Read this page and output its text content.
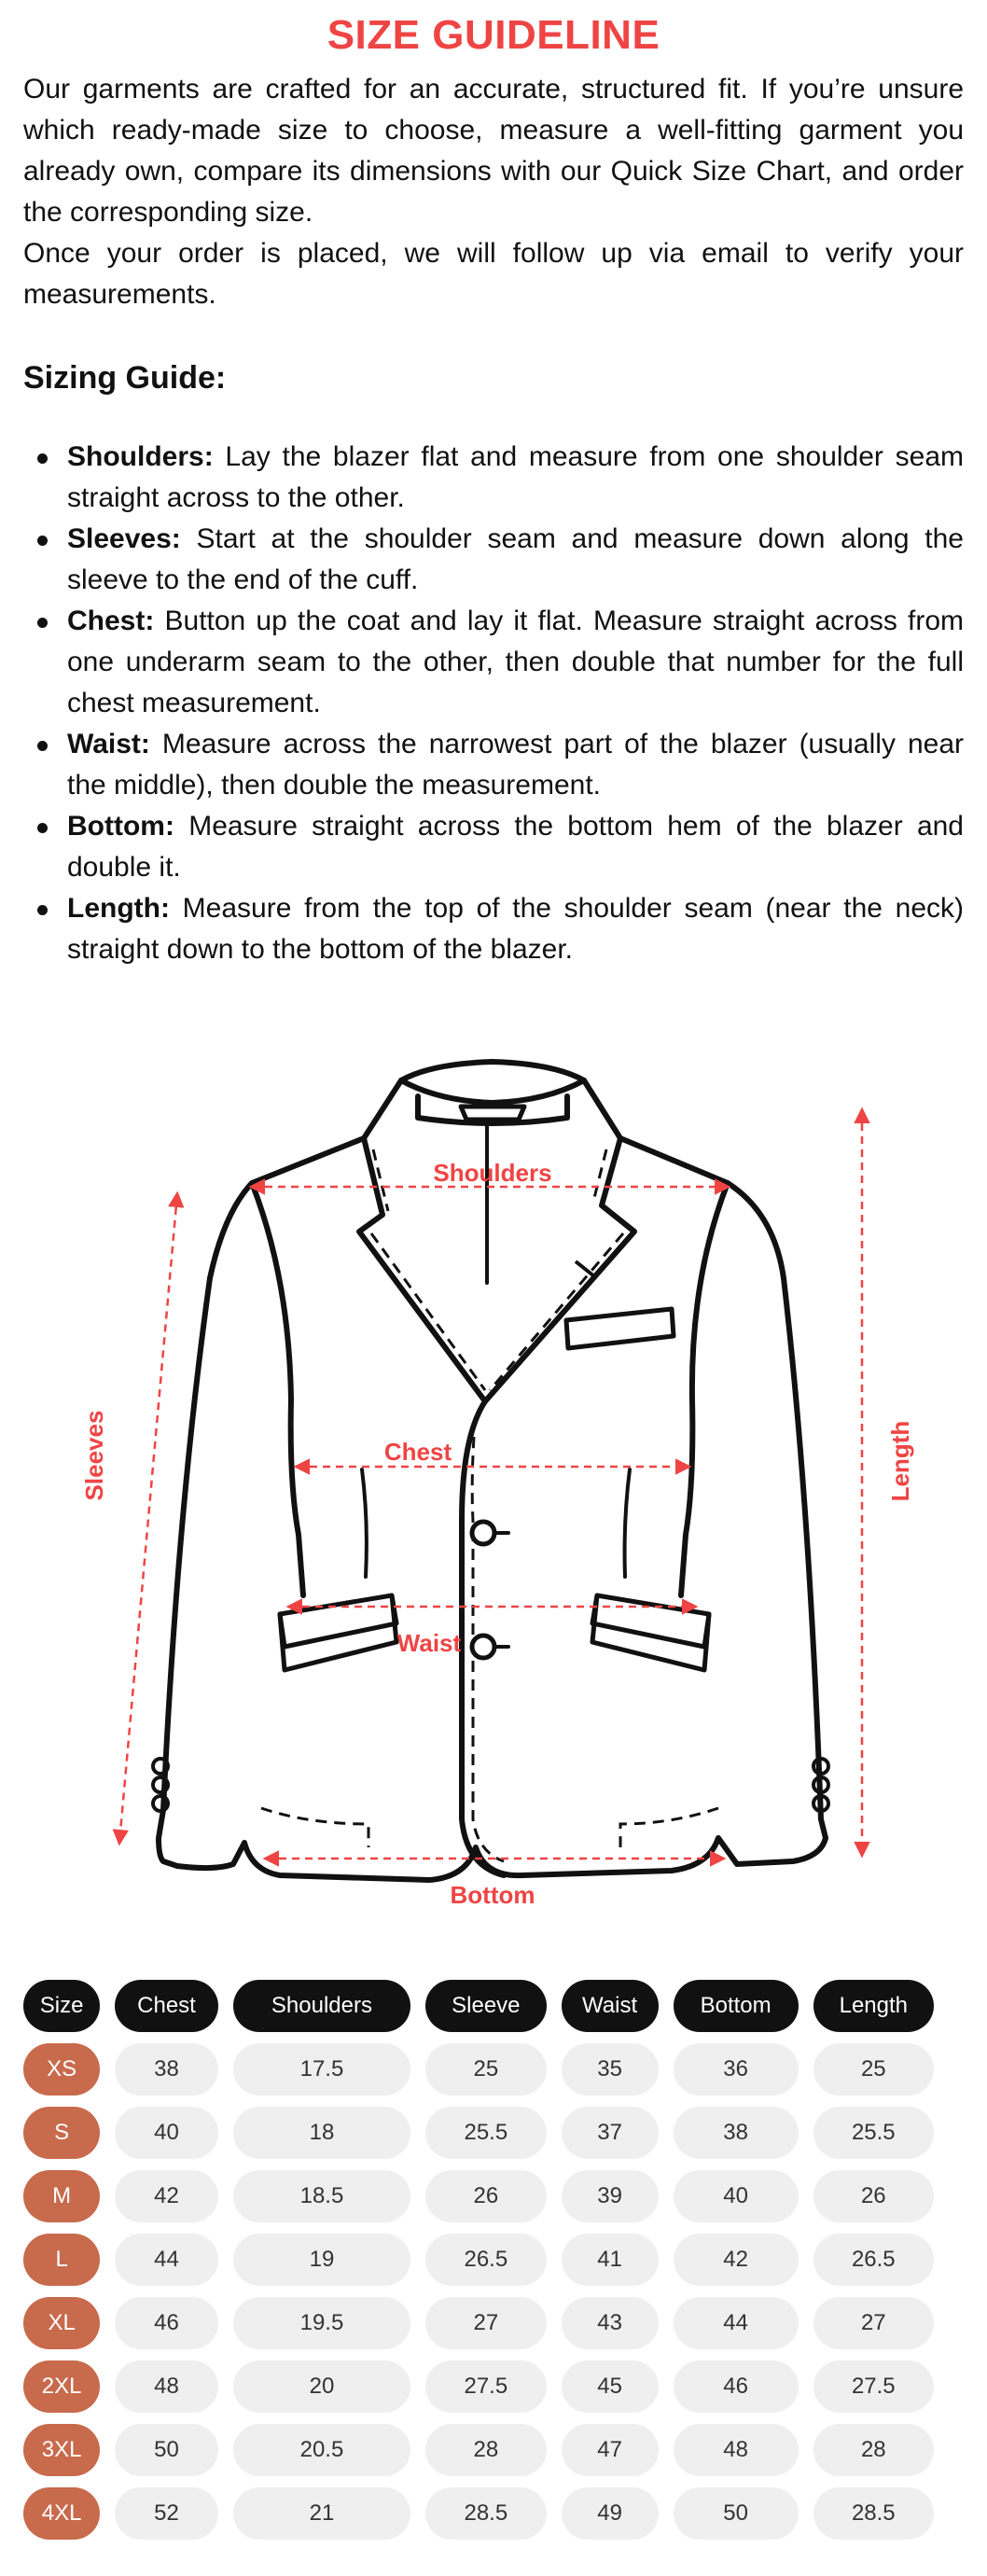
SIZE GUIDELINE

Our garments are crafted for an accurate, structured fit. If you’re unsure which ready-made size to choose, measure a well-fitting garment you already own, compare its dimensions with our Quick Size Chart, and order the corresponding size.

Once your order is placed, we will follow up via email to verify your measurements.

Sizing Guide:
Shoulders: Lay the blazer flat and measure from one shoulder seam straight across to the other.
Sleeves: Start at the shoulder seam and measure down along the sleeve to the end of the cuff.
Chest: Button up the coat and lay it flat. Measure straight across from one underarm seam to the other, then double that number for the full chest measurement.
Waist: Measure across the narrowest part of the blazer (usually near the middle), then double the measurement.
Bottom: Measure straight across the bottom hem of the blazer and double it.
Length: Measure from the top of the shoulder seam (near the neck) straight down to the bottom of the blazer.
Shoulders
Chest
Waist
Bottom
Sleeves	Length
Size	Chest	Shoulders	Sleeve	Waist	Bottom	Length
XS	38	17.5	25	35	36	25
S	40	18	25.5	37	38	25.5
M	42	18.5	26	39	40	26
L	44	19	26.5	41	42	26.5
XL	46	19.5	27	43	44	27
2XL	48	20	27.5	45	46	27.5
3XL	50	20.5	28	47	48	28
4XL	52	21	28.5	49	50	28.5
